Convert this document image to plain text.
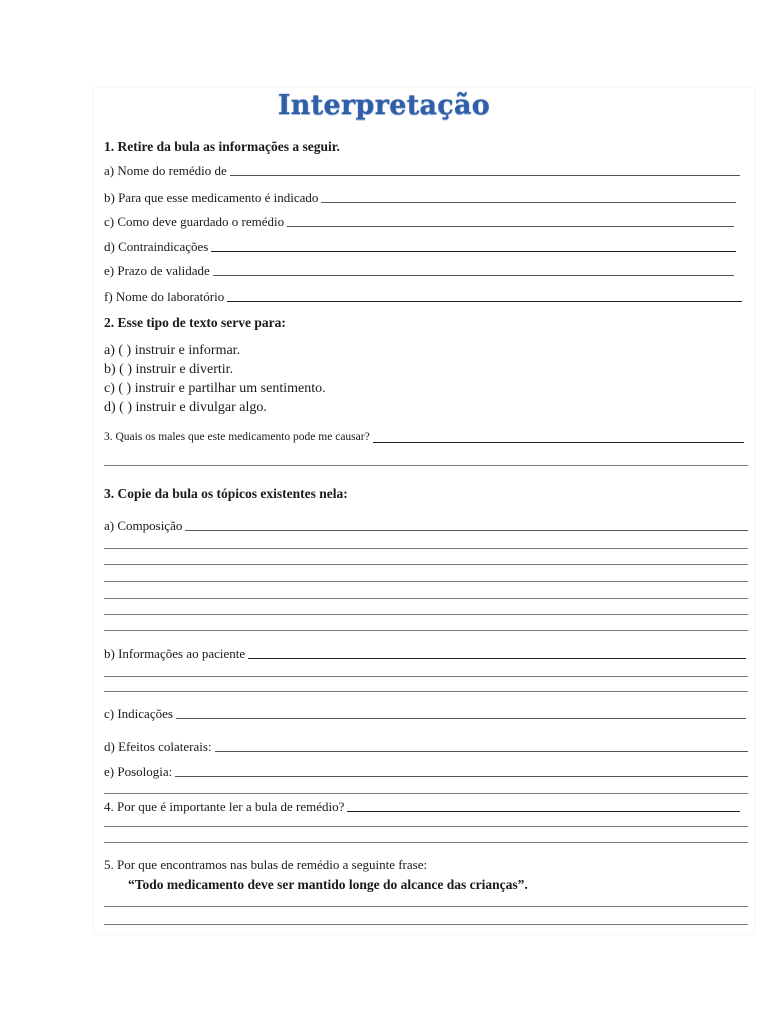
Interpretação
1. Retire da bula as informações a seguir.
a) Nome do remédio de
b) Para que esse medicamento é indicado
c) Como deve guardado o remédio
d) Contraindicações
e) Prazo de validade
f) Nome do laboratório
2. Esse tipo de texto serve para:
a) ( ) instruir e informar.
b) ( ) instruir e divertir.
c) ( ) instruir e partilhar um sentimento.
d) ( ) instruir e divulgar algo.
3. Quais os males que este medicamento pode me causar?
3. Copie da bula os tópicos existentes nela:
a) Composição
b) Informações ao paciente
c) Indicações
d) Efeitos colaterais:
e) Posologia:
4. Por que é importante ler a bula de remédio?
5. Por que encontramos nas bulas de remédio a seguinte frase:
“Todo medicamento deve ser mantido longe do alcance das crianças”.
